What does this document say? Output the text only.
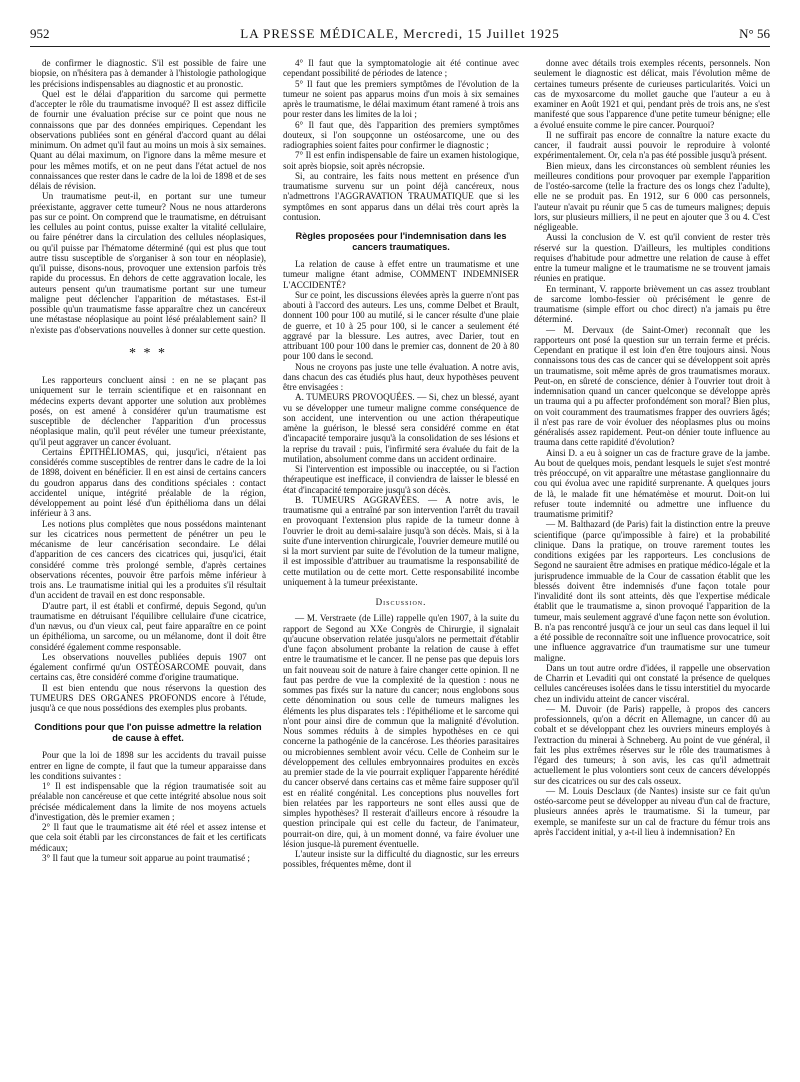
952	LA PRESSE MÉDICALE, Mercredi, 15 Juillet 1925	N° 56

de confirmer le diagnostic. S'il est possible de faire une biopsie, on n'hésitera pas à demander à l'histologie pathologique les précisions indispensables au diagnostic et au pronostic.

Quel est le délai d'apparition du sarcome qui permette d'accepter le rôle du traumatisme invoqué? Il est assez difficile de fournir une évaluation précise sur ce point que nous ne connaissons que par des données empiriques. Cependant les observations publiées sont en général d'accord quant au délai minimum. On admet qu'il faut au moins un mois à six semaines. Quant au délai maximum, on l'ignore dans la même mesure et pour les mêmes motifs, et on ne peut dans l'état actuel de nos connaissances que rester dans le cadre de la loi de 1898 et de ses délais de révision.

Un traumatisme peut-il, en portant sur une tumeur préexistante, aggraver cette tumeur? Nous ne nous attarderons pas sur ce point. On comprend que le traumatisme, en détruisant les cellules au point contus, puisse exalter la vitalité cellulaire, ou faire pénétrer dans la circulation des cellules néoplasiques, ou qu'il puisse par l'hématome déterminé (qui est plus que tout autre tissu susceptible de s'organiser à son tour en néoplasie), qu'il puisse, disons-nous, provoquer une extension parfois très rapide du processus. En dehors de cette aggravation locale, les auteurs pensent qu'un traumatisme portant sur une tumeur maligne peut déclencher l'apparition de métastases. Est-il possible qu'un traumatisme fasse apparaître chez un cancéreux une métastase néoplasique au point lésé préalablement sain? Il n'existe pas d'observations nouvelles à donner sur cette question.

* * *

Les rapporteurs concluent ainsi : en ne se plaçant pas uniquement sur le terrain scientifique et en raisonnant en médecins experts devant apporter une solution aux problèmes posés, on est amené à considérer qu'un traumatisme est susceptible de déclencher l'apparition d'un processus néoplasique malin, qu'il peut révéler une tumeur préexistante, qu'il peut aggraver un cancer évoluant.

Certains ÉPITHÉLIOMAS, qui, jusqu'ici, n'étaient pas considérés comme susceptibles de rentrer dans le cadre de la loi de 1898, doivent en bénéficier. Il en est ainsi de certains cancers du goudron apparus dans des conditions spéciales : contact accidentel unique, intégrité préalable de la région, développement au point lésé d'un épithélioma dans un délai inférieur à 3 ans.

Les notions plus complètes que nous possédons maintenant sur les cicatrices nous permettent de pénétrer un peu le mécanisme de leur cancérisation secondaire. Le délai d'apparition de ces cancers des cicatrices qui, jusqu'ici, était considéré comme très prolongé semble, d'après certaines observations récentes, pouvoir être parfois même inférieur à trois ans. Le traumatisme initial qui les a produites s'il résultait d'un accident de travail en est donc responsable.

D'autre part, il est établi et confirmé, depuis Segond, qu'un traumatisme en détruisant l'équilibre cellulaire d'une cicatrice, d'un nævus, ou d'un vieux cal, peut faire apparaître en ce point un épithélioma, un sarcome, ou un mélanome, dont il doit être considéré également comme responsable.

Les observations nouvelles publiées depuis 1907 ont également confirmé qu'un OSTÉOSARCOME pouvait, dans certains cas, être considéré comme d'origine traumatique.

Il est bien entendu que nous réservons la question des TUMEURS DES ORGANES PROFONDS encore à l'étude, jusqu'à ce que nous possédions des exemples plus probants.

Conditions pour que l'on puisse admettre la relation de cause à effet.

Pour que la loi de 1898 sur les accidents du travail puisse entrer en ligne de compte, il faut que la tumeur apparaisse dans les conditions suivantes :

1° Il est indispensable que la région traumatisée soit au préalable non cancéreuse et que cette intégrité absolue nous soit précisée médicalement dans la limite de nos moyens actuels d'investigation, dès le premier examen ;

2° Il faut que le traumatisme ait été réel et assez intense et que cela soit établi par les circonstances de fait et les certificats médicaux;

3° Il faut que la tumeur soit apparue au point traumatisé ;

4° Il faut que la symptomatologie ait été continue avec cependant possibilité de périodes de latence ;

5° Il faut que les premiers symptômes de l'évolution de la tumeur ne soient pas apparus moins d'un mois à six semaines après le traumatisme, le délai maximum étant ramené à trois ans pour rester dans les limites de la loi ;

6° Il faut que, dès l'apparition des premiers symptômes douteux, si l'on soupçonne un ostéosarcome, une ou des radiographies soient faites pour confirmer le diagnostic ;

7° Il est enfin indispensable de faire un examen histologique, soit après biopsie, soit après nécropsie.

Si, au contraire, les faits nous mettent en présence d'un traumatisme survenu sur un point déjà cancéreux, nous n'admettrons l'AGGRAVATION TRAUMATIQUE que si les symptômes en sont apparus dans un délai très court après la contusion.

Règles proposées pour l'indemnisation dans les cancers traumatiques.

La relation de cause à effet entre un traumatisme et une tumeur maligne étant admise, COMMENT INDEMNISER L'ACCIDENTÉ?

Sur ce point, les discussions élevées après la guerre n'ont pas abouti à l'accord des auteurs. Les uns, comme Delbet et Brault, donnent 100 pour 100 au mutilé, si le cancer résulte d'une plaie de guerre, et 10 à 25 pour 100, si le cancer a seulement été aggravé par la blessure. Les autres, avec Darier, tout en attribuant 100 pour 100 dans le premier cas, donnent de 20 à 80 pour 100 dans le second.

Nous ne croyons pas juste une telle évaluation. A notre avis, dans chacun des cas étudiés plus haut, deux hypothèses peuvent être envisagées :

A. TUMEURS PROVOQUÉES. — Si, chez un blessé, ayant vu se développer une tumeur maligne comme conséquence de son accident, une intervention ou une action thérapeutique amène la guérison, le blessé sera considéré comme en état d'incapacité temporaire jusqu'à la consolidation de ses lésions et la reprise du travail : puis, l'infirmité sera évaluée du fait de la mutilation, absolument comme dans un accident ordinaire.

Si l'intervention est impossible ou inacceptée, ou si l'action thérapeutique est inefficace, il conviendra de laisser le blessé en état d'incapacité temporaire jusqu'à son décès.

B. TUMEURS AGGRAVÉES. — A notre avis, le traumatisme qui a entraîné par son intervention l'arrêt du travail en provoquant l'extension plus rapide de la tumeur donne à l'ouvrier le droit au demi-salaire jusqu'à son décès. Mais, si à la suite d'une intervention chirurgicale, l'ouvrier demeure mutilé ou si la mort survient par suite de l'évolution de la tumeur maligne, il est impossible d'attribuer au traumatisme la responsabilité de cette mutilation ou de cette mort. Cette responsabilité incombe uniquement à la tumeur préexistante.

Discussion.

— M. Verstraete (de Lille) rappelle qu'en 1907, à la suite du rapport de Segond au XXe Congrès de Chirurgie, il signalait qu'aucune observation relatée jusqu'alors ne permettait d'établir d'une façon absolument probante la relation de cause à effet entre le traumatisme et le cancer. Il ne pense pas que depuis lors un fait nouveau soit de nature à faire changer cette opinion. Il ne faut pas perdre de vue la complexité de la question : nous ne sommes pas fixés sur la nature du cancer; nous englobons sous cette dénomination ou sous celle de tumeurs malignes les éléments les plus disparates tels : l'épithéliome et le sarcome qui n'ont pour ainsi dire de commun que la malignité d'évolution. Nous sommes réduits à de simples hypothèses en ce qui concerne la pathogénie de la cancérose. Les théories parasitaires ou microbiennes semblent avoir vécu. Celle de Conheim sur le développement des cellules embryonnaires produites en excès au premier stade de la vie pourrait expliquer l'apparente hérédité du cancer observé dans certains cas et même faire supposer qu'il est en réalité congénital. Les conceptions plus nouvelles fort bien relatées par les rapporteurs ne sont elles aussi que de simples hypothèses? Il resterait d'ailleurs encore à résoudre la question principale qui est celle du facteur, de l'animateur, pourrait-on dire, qui, à un moment donné, va faire évoluer une lésion jusque-là purement éventuelle.

L'auteur insiste sur la difficulté du diagnostic, sur les erreurs possibles, fréquentes même, dont il

donne avec détails trois exemples récents, personnels. Non seulement le diagnostic est délicat, mais l'évolution même de certaines tumeurs présente de curieuses particularités. Voici un cas de myxosarcome du mollet gauche que l'auteur a eu à examiner en Août 1921 et qui, pendant près de trois ans, ne s'est manifesté que sous l'apparence d'une petite tumeur bénigne; elle a évolué ensuite comme le pire cancer. Pourquoi?

Il ne suffirait pas encore de connaître la nature exacte du cancer, il faudrait aussi pouvoir le reproduire à volonté expérimentalement. Or, cela n'a pas été possible jusqu'à présent.

Bien mieux, dans les circonstances où semblent réunies les meilleures conditions pour provoquer par exemple l'apparition de l'ostéo-sarcome (telle la fracture des os longs chez l'adulte), elle ne se produit pas. En 1912, sur 6 000 cas personnels, l'auteur n'avait pu réunir que 5 cas de tumeurs malignes; depuis lors, sur plusieurs milliers, il ne peut en ajouter que 3 ou 4. C'est négligeable.

Aussi la conclusion de V. est qu'il convient de rester très réservé sur la question. D'ailleurs, les multiples conditions requises d'habitude pour admettre une relation de cause à effet entre la tumeur maligne et le traumatisme ne se trouvent jamais réunies en pratique.

En terminant, V. rapporte brièvement un cas assez troublant de sarcome lombo-fessier où précisément le genre de traumatisme (simple effort ou choc direct) n'a jamais pu être déterminé.

— M. Dervaux (de Saint-Omer) reconnaît que les rapporteurs ont posé la question sur un terrain ferme et précis. Cependant en pratique il est loin d'en être toujours ainsi. Nous connaissons tous des cas de cancer qui se développent soit après un traumatisme, soit même après de gros traumatismes moraux. Peut-on, en sûreté de conscience, dénier à l'ouvrier tout droit à indemnisation quand un cancer quelconque se développe après un trauma qui a pu affecter profondément son moral? Bien plus, on voit couramment des traumatismes frapper des ouvriers âgés; il n'est pas rare de voir évoluer des néoplasmes plus ou moins généralisés assez rapidement. Peut-on dénier toute influence au trauma dans cette rapidité d'évolution?

Ainsi D. a eu à soigner un cas de fracture grave de la jambe. Au bout de quelques mois, pendant lesquels le sujet s'est montré très préoccupé, on vit apparaître une métastase ganglionnaire du cou qui évolua avec une rapidité surprenante. A quelques jours de là, le malade fit une hématémèse et mourut. Doit-on lui refuser toute indemnité ou admettre une influence du traumatisme primitif?

— M. Balthazard (de Paris) fait la distinction entre la preuve scientifique (parce qu'impossible à faire) et la probabilité clinique. Dans la pratique, on trouve rarement toutes les conditions exigées par les rapporteurs. Les conclusions de Segond ne sauraient être admises en pratique médico-légale et la jurisprudence immuable de la Cour de cassation établit que les blessés doivent être indemnisés d'une façon totale pour l'invalidité dont ils sont atteints, dès que l'expertise médicale établit que le traumatisme a, sinon provoqué l'apparition de la tumeur, mais seulement aggravé d'une façon nette son évolution. B. n'a pas rencontré jusqu'à ce jour un seul cas dans lequel il lui a été possible de reconnaître soit une influence provocatrice, soit une influence aggravatrice d'un traumatisme sur une tumeur maligne.

Dans un tout autre ordre d'idées, il rappelle une observation de Charrin et Levaditi qui ont constaté la présence de quelques cellules cancéreuses isolées dans le tissu interstitiel du myocarde chez un individu atteint de cancer viscéral.

— M. Duvoir (de Paris) rappelle, à propos des cancers professionnels, qu'on a décrit en Allemagne, un cancer dû au cobalt et se développant chez les ouvriers mineurs employés à l'extraction du minerai à Schneberg. Au point de vue général, il fait les plus extrêmes réserves sur le rôle des traumatismes à l'égard des tumeurs; à son avis, les cas qu'il admettrait actuellement le plus volontiers sont ceux de cancers développés sur des cicatrices ou sur des cals osseux.

— M. Louis Desclaux (de Nantes) insiste sur ce fait qu'un ostéo-sarcome peut se développer au niveau d'un cal de fracture, plusieurs années après le traumatisme. Si la tumeur, par exemple, se manifeste sur un cal de fracture du fémur trois ans après l'accident initial, y a-t-il lieu à indemnisation? En
